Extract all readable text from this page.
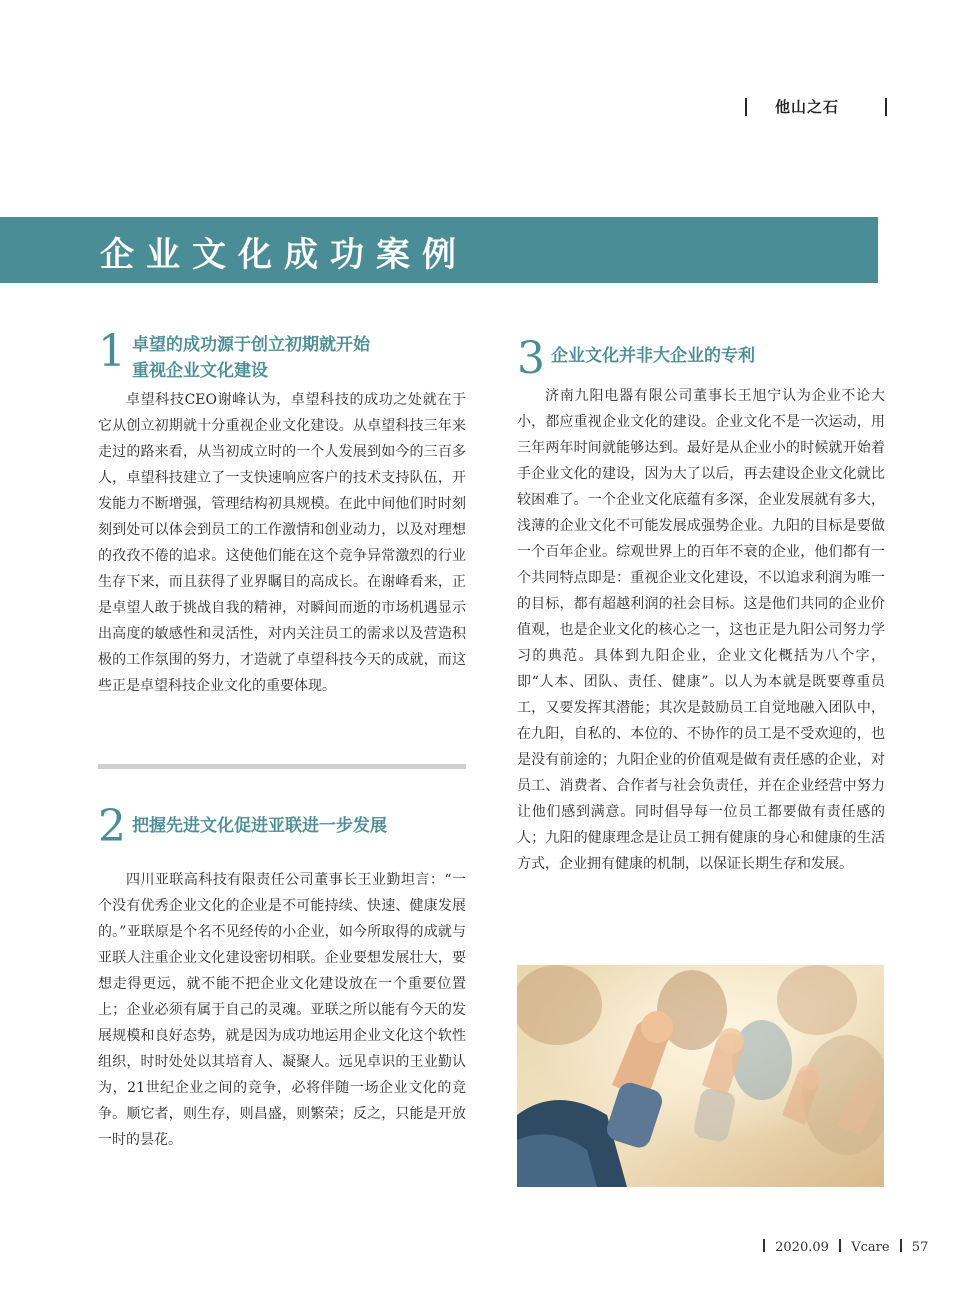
他山之石
企业文化成功案例
1 卓望的成功源于创立初期就开始
重视企业文化建设

卓望科技CEO谢峰认为，卓望科技的成功之处就在于它从创立初期就十分重视企业文化建设。从卓望科技三年来走过的路来看，从当初成立时的一个人发展到如今的三百多人，卓望科技建立了一支快速响应客户的技术支持队伍，开发能力不断增强，管理结构初具规模。在此中间他们时时刻刻到处可以体会到员工的工作激情和创业动力，以及对理想的孜孜不倦的追求。这使他们能在这个竞争异常激烈的行业生存下来，而且获得了业界瞩目的高成长。在谢峰看来，正是卓望人敢于挑战自我的精神，对瞬间而逝的市场机遇显示出高度的敏感性和灵活性，对内关注员工的需求以及营造积极的工作氛围的努力，才造就了卓望科技今天的成就，而这些正是卓望科技企业文化的重要体现。

2 把握先进文化促进亚联进一步发展

四川亚联高科技有限责任公司董事长王业勤坦言：“一个没有优秀企业文化的企业是不可能持续、快速、健康发展的。”亚联原是个名不见经传的小企业，如今所取得的成就与亚联人注重企业文化建设密切相联。企业要想发展壮大，要想走得更远，就不能不把企业文化建设放在一个重要位置上；企业必须有属于自己的灵魂。亚联之所以能有今天的发展规模和良好态势，就是因为成功地运用企业文化这个软性组织，时时处处以其培育人、凝聚人。远见卓识的王业勤认为，21世纪企业之间的竞争，必将伴随一场企业文化的竞争。顺它者，则生存，则昌盛，则繁荣；反之，只能是开放一时的昙花。

3 企业文化并非大企业的专利

济南九阳电器有限公司董事长王旭宁认为企业不论大小，都应重视企业文化的建设。企业文化不是一次运动，用三年两年时间就能够达到。最好是从企业小的时候就开始着手企业文化的建设，因为大了以后，再去建设企业文化就比较困难了。一个企业文化底蕴有多深，企业发展就有多大，浅薄的企业文化不可能发展成强势企业。九阳的目标是要做一个百年企业。综观世界上的百年不衰的企业，他们都有一个共同特点即是：重视企业文化建设，不以追求利润为唯一的目标，都有超越利润的社会目标。这是他们共同的企业价值观，也是企业文化的核心之一，这也正是九阳公司努力学习的典范。具体到九阳企业，企业文化概括为八个字，即“人本、团队、责任、健康”。以人为本就是既要尊重员工，又要发挥其潜能；其次是鼓励员工自觉地融入团队中，在九阳，自私的、本位的、不协作的员工是不受欢迎的，也是没有前途的；九阳企业的价值观是做有责任感的企业，对员工、消费者、合作者与社会负责任，并在企业经营中努力让他们感到满意。同时倡导每一位员工都要做有责任感的人；九阳的健康理念是让员工拥有健康的身心和健康的生活方式，企业拥有健康的机制，以保证长期生存和发展。

2020.09 Vcare 57
